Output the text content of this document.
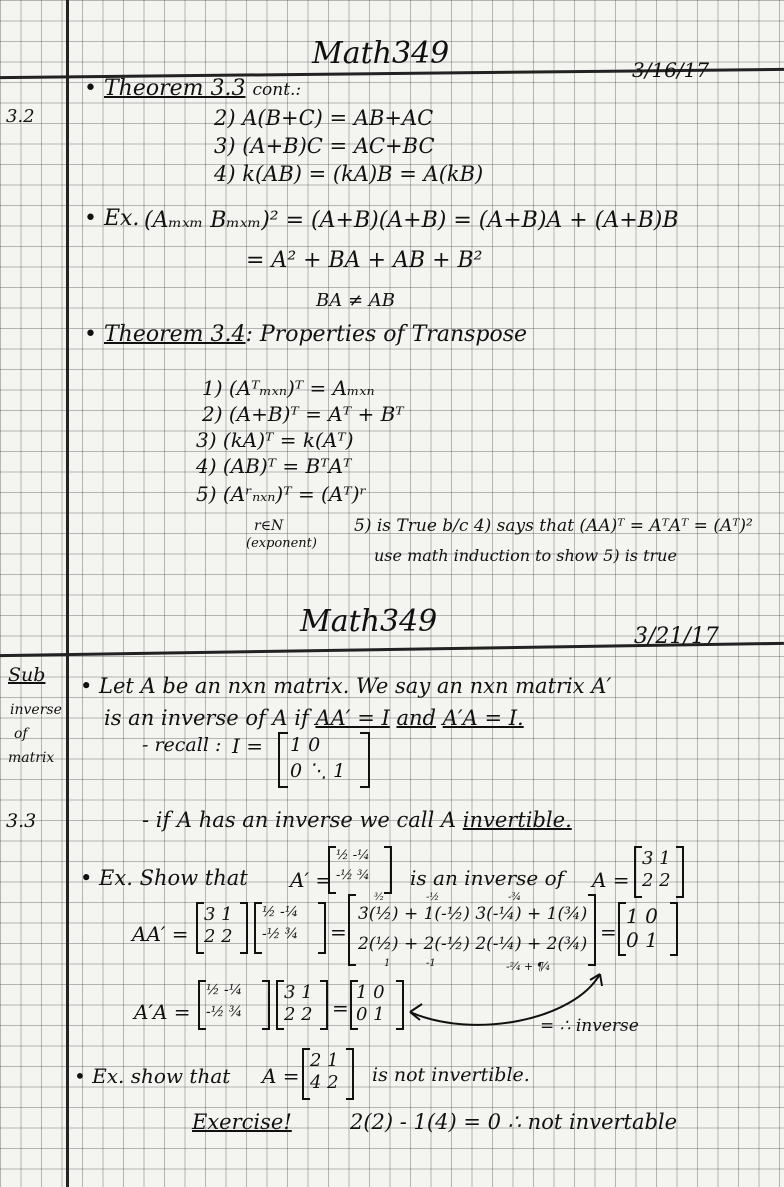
Math349	3/16/17
3.2
• Theorem 3.3 cont.:
2) A(B+C) = AB+AC
3) (A+B)C = AC+BC
4) k(AB) = (kA)B = A(kB)
• Ex. (Aₘₓₘ Bₘₓₘ)² = (A+B)(A+B) = (A+B)A + (A+B)B
= A² + BA + AB + B²
BA ≠ AB
• Theorem 3.4: Properties of Transpose
1) (Aᵀₘₓₙ)ᵀ = Aₘₓₙ
2) (A+B)ᵀ = Aᵀ + Bᵀ
3) (kA)ᵀ = k(Aᵀ)
4) (AB)ᵀ = BᵀAᵀ
5) (Aʳₙₓₙ)ᵀ = (Aᵀ)ʳ
r∈N
(exponent)
5) is True b/c 4) says that (AA)ᵀ = AᵀAᵀ = (Aᵀ)²
use math induction to show 5) is true
Math349	3/21/17
Sub
inverse
of
matrix
3.3
• Let A be an nxn matrix. We say an nxn matrix A′
is an inverse of A if AA′ = I and A′A = I.
- recall : I = 1 0
0 ⋱ 1
- if A has an inverse we call A invertible.
• Ex. Show that A′ =
½ -¼
-½ ¾ is an inverse of A =
3 1
2 2
AA′ =
3 1
2 2
½ -¼
-½ ¾ =
³⁄₂	-½	-¾
3(½) + 1(-½) 3(-¼) + 1(¾)
2(½) + 2(-½) 2(-¼) + 2(¾)
1	-1	-²⁄₄ + ¶⁄₄
=
1 0
0 1
A′A =
½ -¼
-½ ¾
3 1
2 2 =
1 0
0 1
= ∴ inverse
• Ex. show that A =
2 1
4 2 is not invertible.
Exercise!	2(2) - 1(4) = 0 ∴ not invertable
